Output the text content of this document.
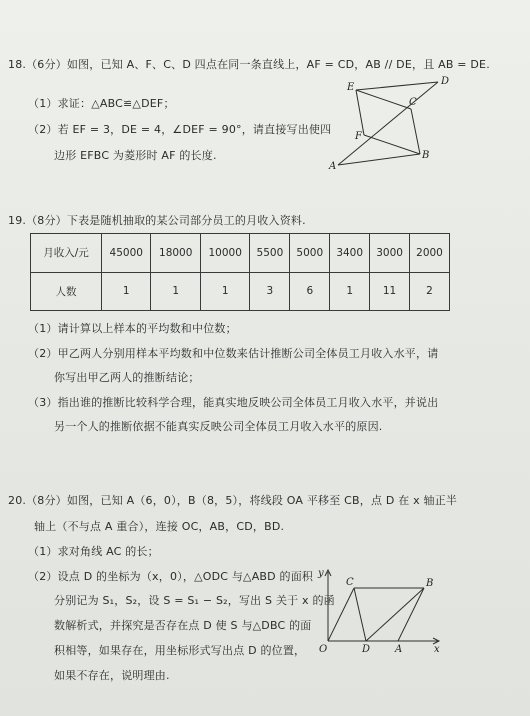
18.（6分）如图，已知 A、F、C、D 四点在同一条直线上，AF = CD，AB // DE，且 AB = DE.
（1）求证：△ABC≌△DEF；
（2）若 EF = 3，DE = 4，∠DEF = 90°，请直接写出使四
边形 EFBC 为菱形时 AF 的长度.
E
D
C
F
A
B
19.（8分）下表是随机抽取的某公司部分员工的月收入资料.
月收入/元	45000	18000	10000	5500	5000	3400	3000	2000
人数	1	1	1	3	6	1	11	2
（1）请计算以上样本的平均数和中位数；
（2）甲乙两人分别用样本平均数和中位数来估计推断公司全体员工月收入水平，请
你写出甲乙两人的推断结论；
（3）指出谁的推断比较科学合理，能真实地反映公司全体员工月收入水平，并说出
另一个人的推断依据不能真实反映公司全体员工月收入水平的原因.
20.（8分）如图，已知 A（6，0），B（8，5），将线段 OA 平移至 CB，点 D 在 x 轴正半
轴上（不与点 A 重合），连接 OC，AB，CD，BD.
（1）求对角线 AC 的长；
（2）设点 D 的坐标为（x，0），△ODC 与△ABD 的面积
分别记为 S₁，S₂，设 S = S₁ − S₂，写出 S 关于 x 的函
数解析式，并探究是否存在点 D 使 S 与△DBC 的面
积相等，如果存在，用坐标形式写出点 D 的位置，
如果不存在，说明理由.
y
x
C	B
O	D A
